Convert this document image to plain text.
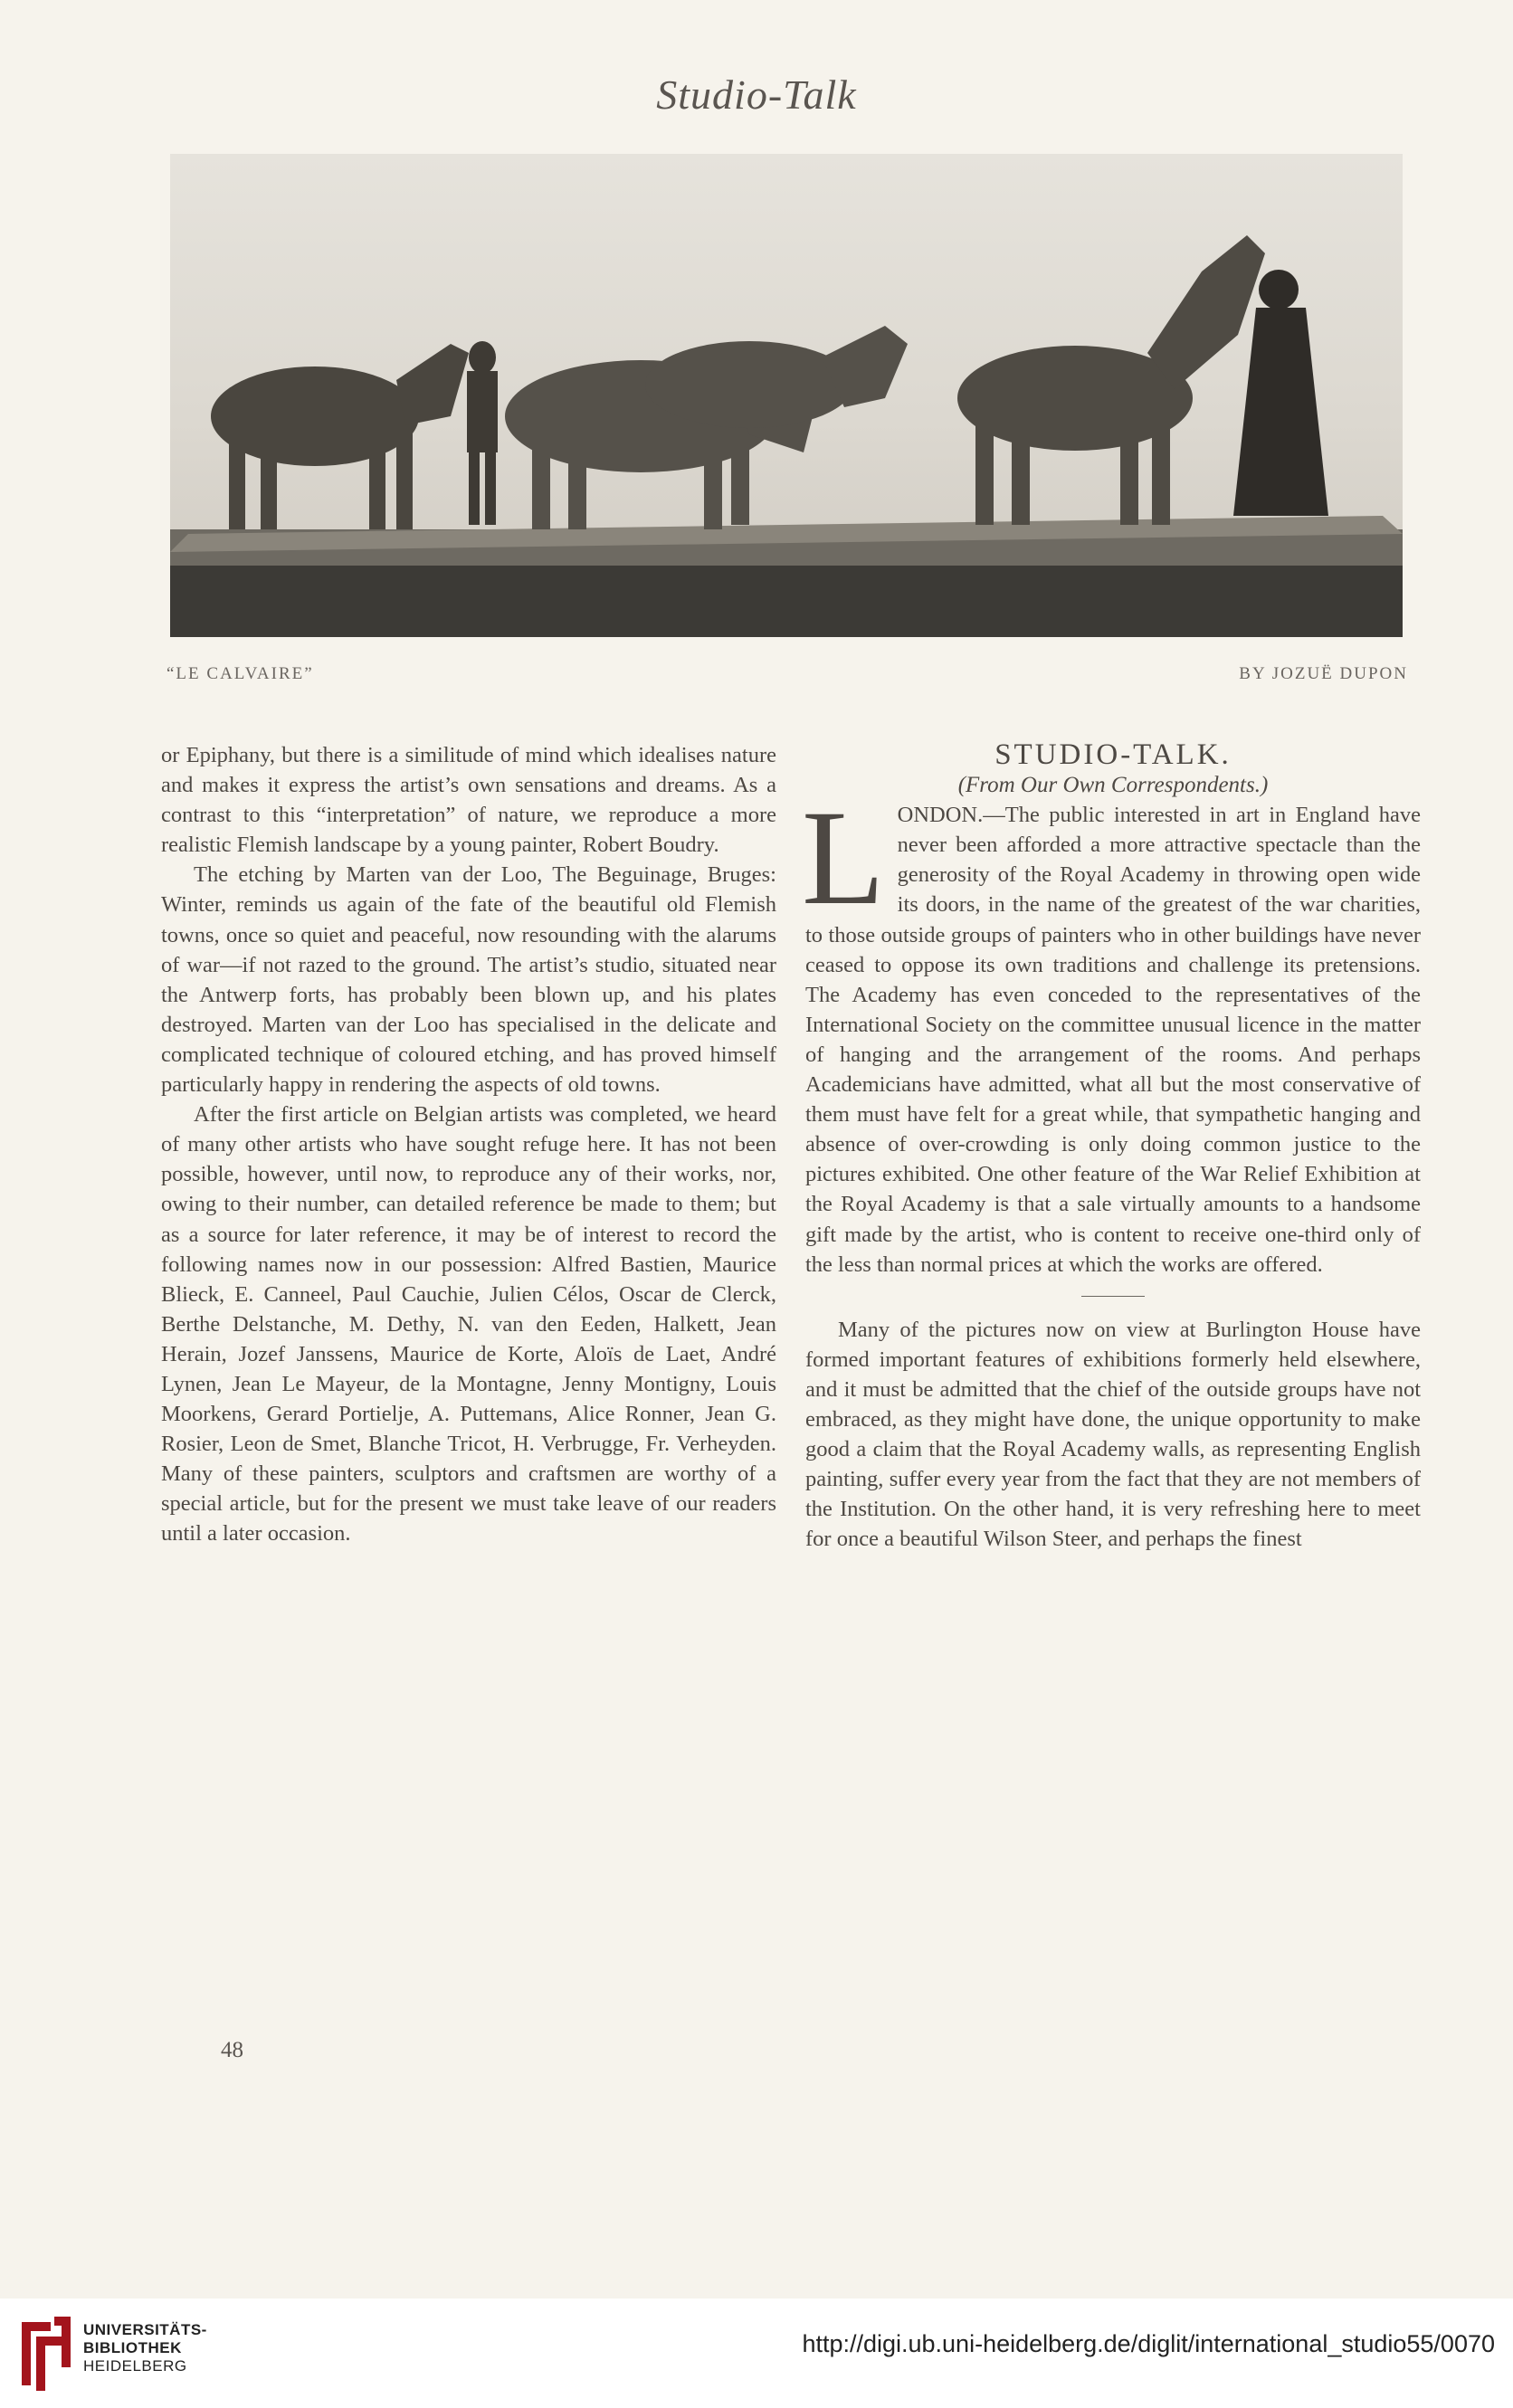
Studio-Talk
“LE CALVAIRE”	BY JOZUË DUPON

or Epiphany, but there is a similitude of mind which idealises nature and makes it express the artist’s own sensations and dreams. As a contrast to this “interpretation” of nature, we reproduce a more realistic Flemish landscape by a young painter, Robert Boudry.

The etching by Marten van der Loo, The Beguinage, Bruges: Winter, reminds us again of the fate of the beautiful old Flemish towns, once so quiet and peaceful, now resounding with the alarums of war—if not razed to the ground. The artist’s studio, situated near the Antwerp forts, has probably been blown up, and his plates destroyed. Marten van der Loo has specialised in the delicate and complicated technique of coloured etching, and has proved himself particularly happy in rendering the aspects of old towns.

After the first article on Belgian artists was completed, we heard of many other artists who have sought refuge here. It has not been possible, however, until now, to reproduce any of their works, nor, owing to their number, can detailed reference be made to them; but as a source for later reference, it may be of interest to record the following names now in our possession: Alfred Bastien, Maurice Blieck, E. Canneel, Paul Cauchie, Julien Célos, Oscar de Clerck, Berthe Delstanche, M. Dethy, N. van den Eeden, Halkett, Jean Herain, Jozef Janssens, Maurice de Korte, Aloïs de Laet, André Lynen, Jean Le Mayeur, de la Montagne, Jenny Montigny, Louis Moorkens, Gerard Portielje, A. Puttemans, Alice Ronner, Jean G. Rosier, Leon de Smet, Blanche Tricot, H. Verbrugge, Fr. Verheyden. Many of these painters, sculptors and craftsmen are worthy of a special article, but for the present we must take leave of our readers until a later occasion.

48

STUDIO-TALK.

(From Our Own Correspondents.)

LONDON.—The public interested in art in England have never been afforded a more attractive spectacle than the generosity of the Royal Academy in throwing open wide its doors, in the name of the greatest of the war charities, to those outside groups of painters who in other buildings have never ceased to oppose its own traditions and challenge its pretensions. The Academy has even conceded to the representatives of the International Society on the committee unusual licence in the matter of hanging and the arrangement of the rooms. And perhaps Academicians have admitted, what all but the most conservative of them must have felt for a great while, that sympathetic hanging and absence of over-crowding is only doing common justice to the pictures exhibited. One other feature of the War Relief Exhibition at the Royal Academy is that a sale virtually amounts to a handsome gift made by the artist, who is content to receive one-third only of the less than normal prices at which the works are offered.

Many of the pictures now on view at Burlington House have formed important features of exhibitions formerly held elsewhere, and it must be admitted that the chief of the outside groups have not embraced, as they might have done, the unique opportunity to make good a claim that the Royal Academy walls, as representing English painting, suffer every year from the fact that they are not members of the Institution. On the other hand, it is very refreshing here to meet for once a beautiful Wilson Steer, and perhaps the finest

UNIVERSITÄTS-
BIBLIOTHEK
HEIDELBERG
http://digi.ub.uni-heidelberg.de/diglit/international_studio55/0070
